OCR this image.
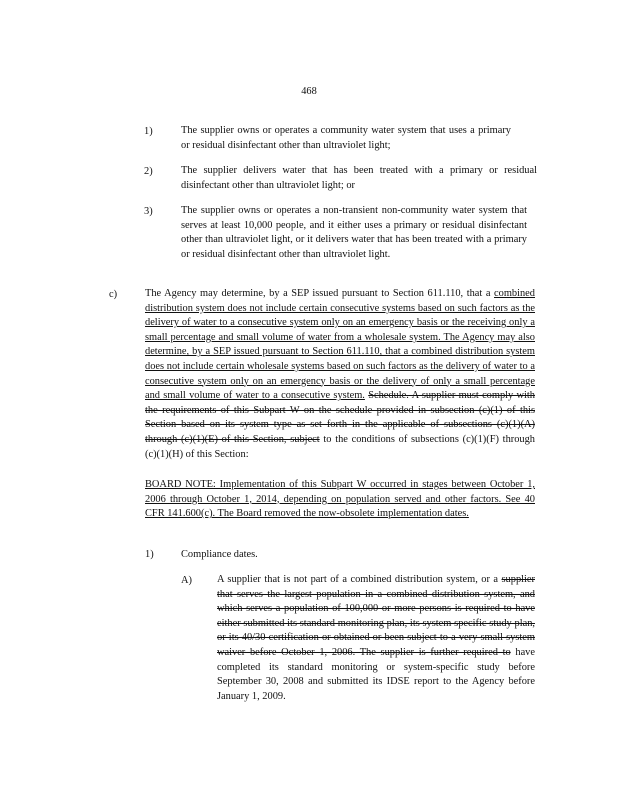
468
1)	The supplier owns or operates a community water system that uses a primary or residual disinfectant other than ultraviolet light;
2)	The supplier delivers water that has been treated with a primary or residual disinfectant other than ultraviolet light; or
3)	The supplier owns or operates a non-transient non-community water system that serves at least 10,000 people, and it either uses a primary or residual disinfectant other than ultraviolet light, or it delivers water that has been treated with a primary or residual disinfectant other than ultraviolet light.
c)	The Agency may determine, by a SEP issued pursuant to Section 611.110, that a combined distribution system does not include certain consecutive systems based on such factors as the delivery of water to a consecutive system only on an emergency basis or the receiving only a small percentage and small volume of water from a wholesale system. The Agency may also determine, by a SEP issued pursuant to Section 611.110, that a combined distribution system does not include certain wholesale systems based on such factors as the delivery of water to a consecutive system only on an emergency basis or the delivery of only a small percentage and small volume of water to a consecutive system. Schedule. A supplier must comply with the requirements of this Subpart W on the schedule provided in subsection (c)(1) of this Section based on its system type as set forth in the applicable of subsections (c)(1)(A) through (c)(1)(E) of this Section, subject to the conditions of subsections (c)(1)(F) through (c)(1)(H) of this Section:
BOARD NOTE: Implementation of this Subpart W occurred in stages between October 1, 2006 through October 1, 2014, depending on population served and other factors. See 40 CFR 141.600(c). The Board removed the now-obsolete implementation dates.
1)	Compliance dates.
A) A supplier that is not part of a combined distribution system, or a supplier that serves the largest population in a combined distribution system, and which serves a population of 100,000 or more persons is required to have either submitted its standard monitoring plan, its system specific study plan, or its 40/30 certification or obtained or been subject to a very small system waiver before October 1, 2006. The supplier is further required to have completed its standard monitoring or system-specific study before September 30, 2008 and submitted its IDSE report to the Agency before January 1, 2009.
